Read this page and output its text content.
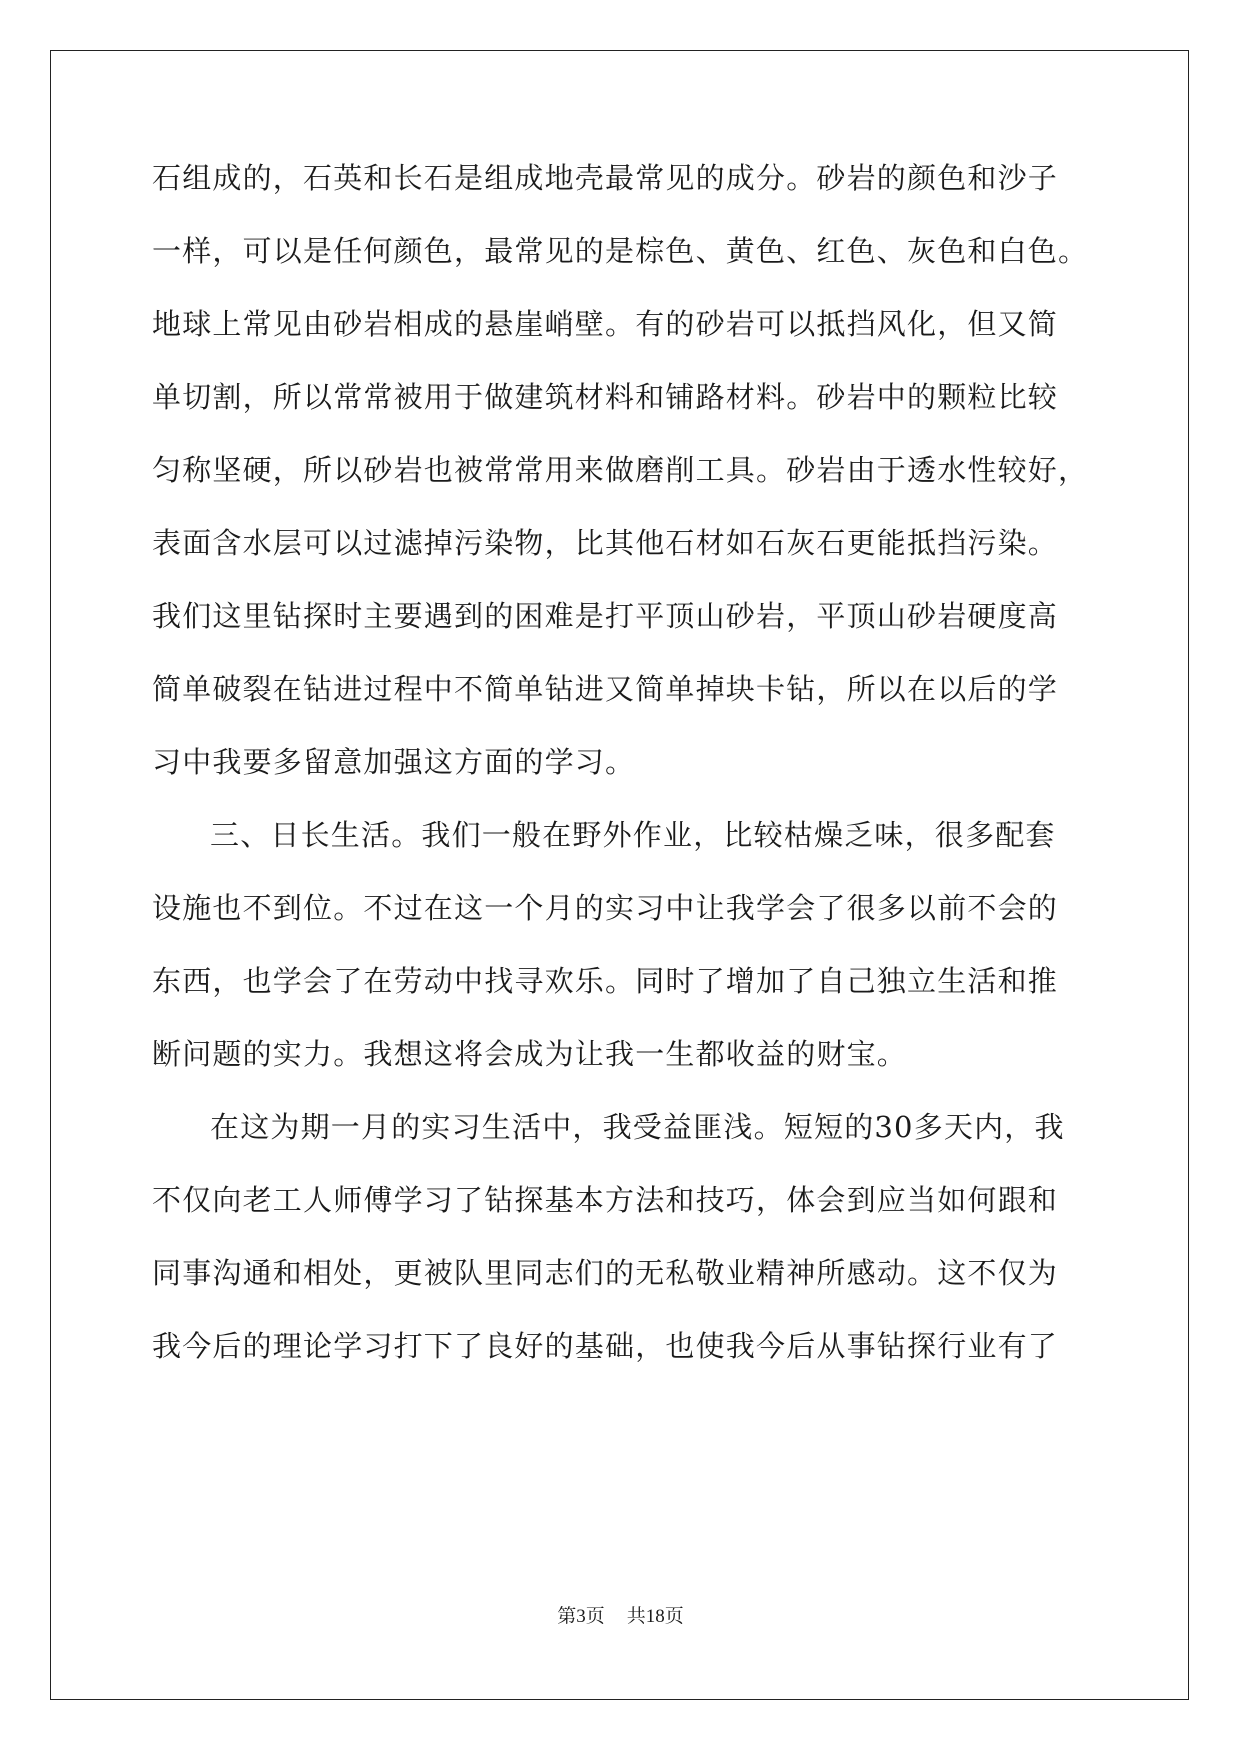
石组成的，石英和长石是组成地壳最常见的成分。砂岩的颜色和沙子
一样，可以是任何颜色，最常见的是棕色、黄色、红色、灰色和白色。
地球上常见由砂岩相成的悬崖峭壁。有的砂岩可以抵挡风化，但又简
单切割，所以常常被用于做建筑材料和铺路材料。砂岩中的颗粒比较
匀称坚硬，所以砂岩也被常常用来做磨削工具。砂岩由于透水性较好，
表面含水层可以过滤掉污染物，比其他石材如石灰石更能抵挡污染。
我们这里钻探时主要遇到的困难是打平顶山砂岩，平顶山砂岩硬度高
简单破裂在钻进过程中不简单钻进又简单掉块卡钻，所以在以后的学
习中我要多留意加强这方面的学习。
三、日长生活。我们一般在野外作业，比较枯燥乏味，很多配套
设施也不到位。不过在这一个月的实习中让我学会了很多以前不会的
东西，也学会了在劳动中找寻欢乐。同时了增加了自己独立生活和推
断问题的实力。我想这将会成为让我一生都收益的财宝。
在这为期一月的实习生活中，我受益匪浅。短短的30多天内，我
不仅向老工人师傅学习了钻探基本方法和技巧，体会到应当如何跟和
同事沟通和相处，更被队里同志们的无私敬业精神所感动。这不仅为
我今后的理论学习打下了良好的基础，也使我今后从事钻探行业有了
第3页 共18页
